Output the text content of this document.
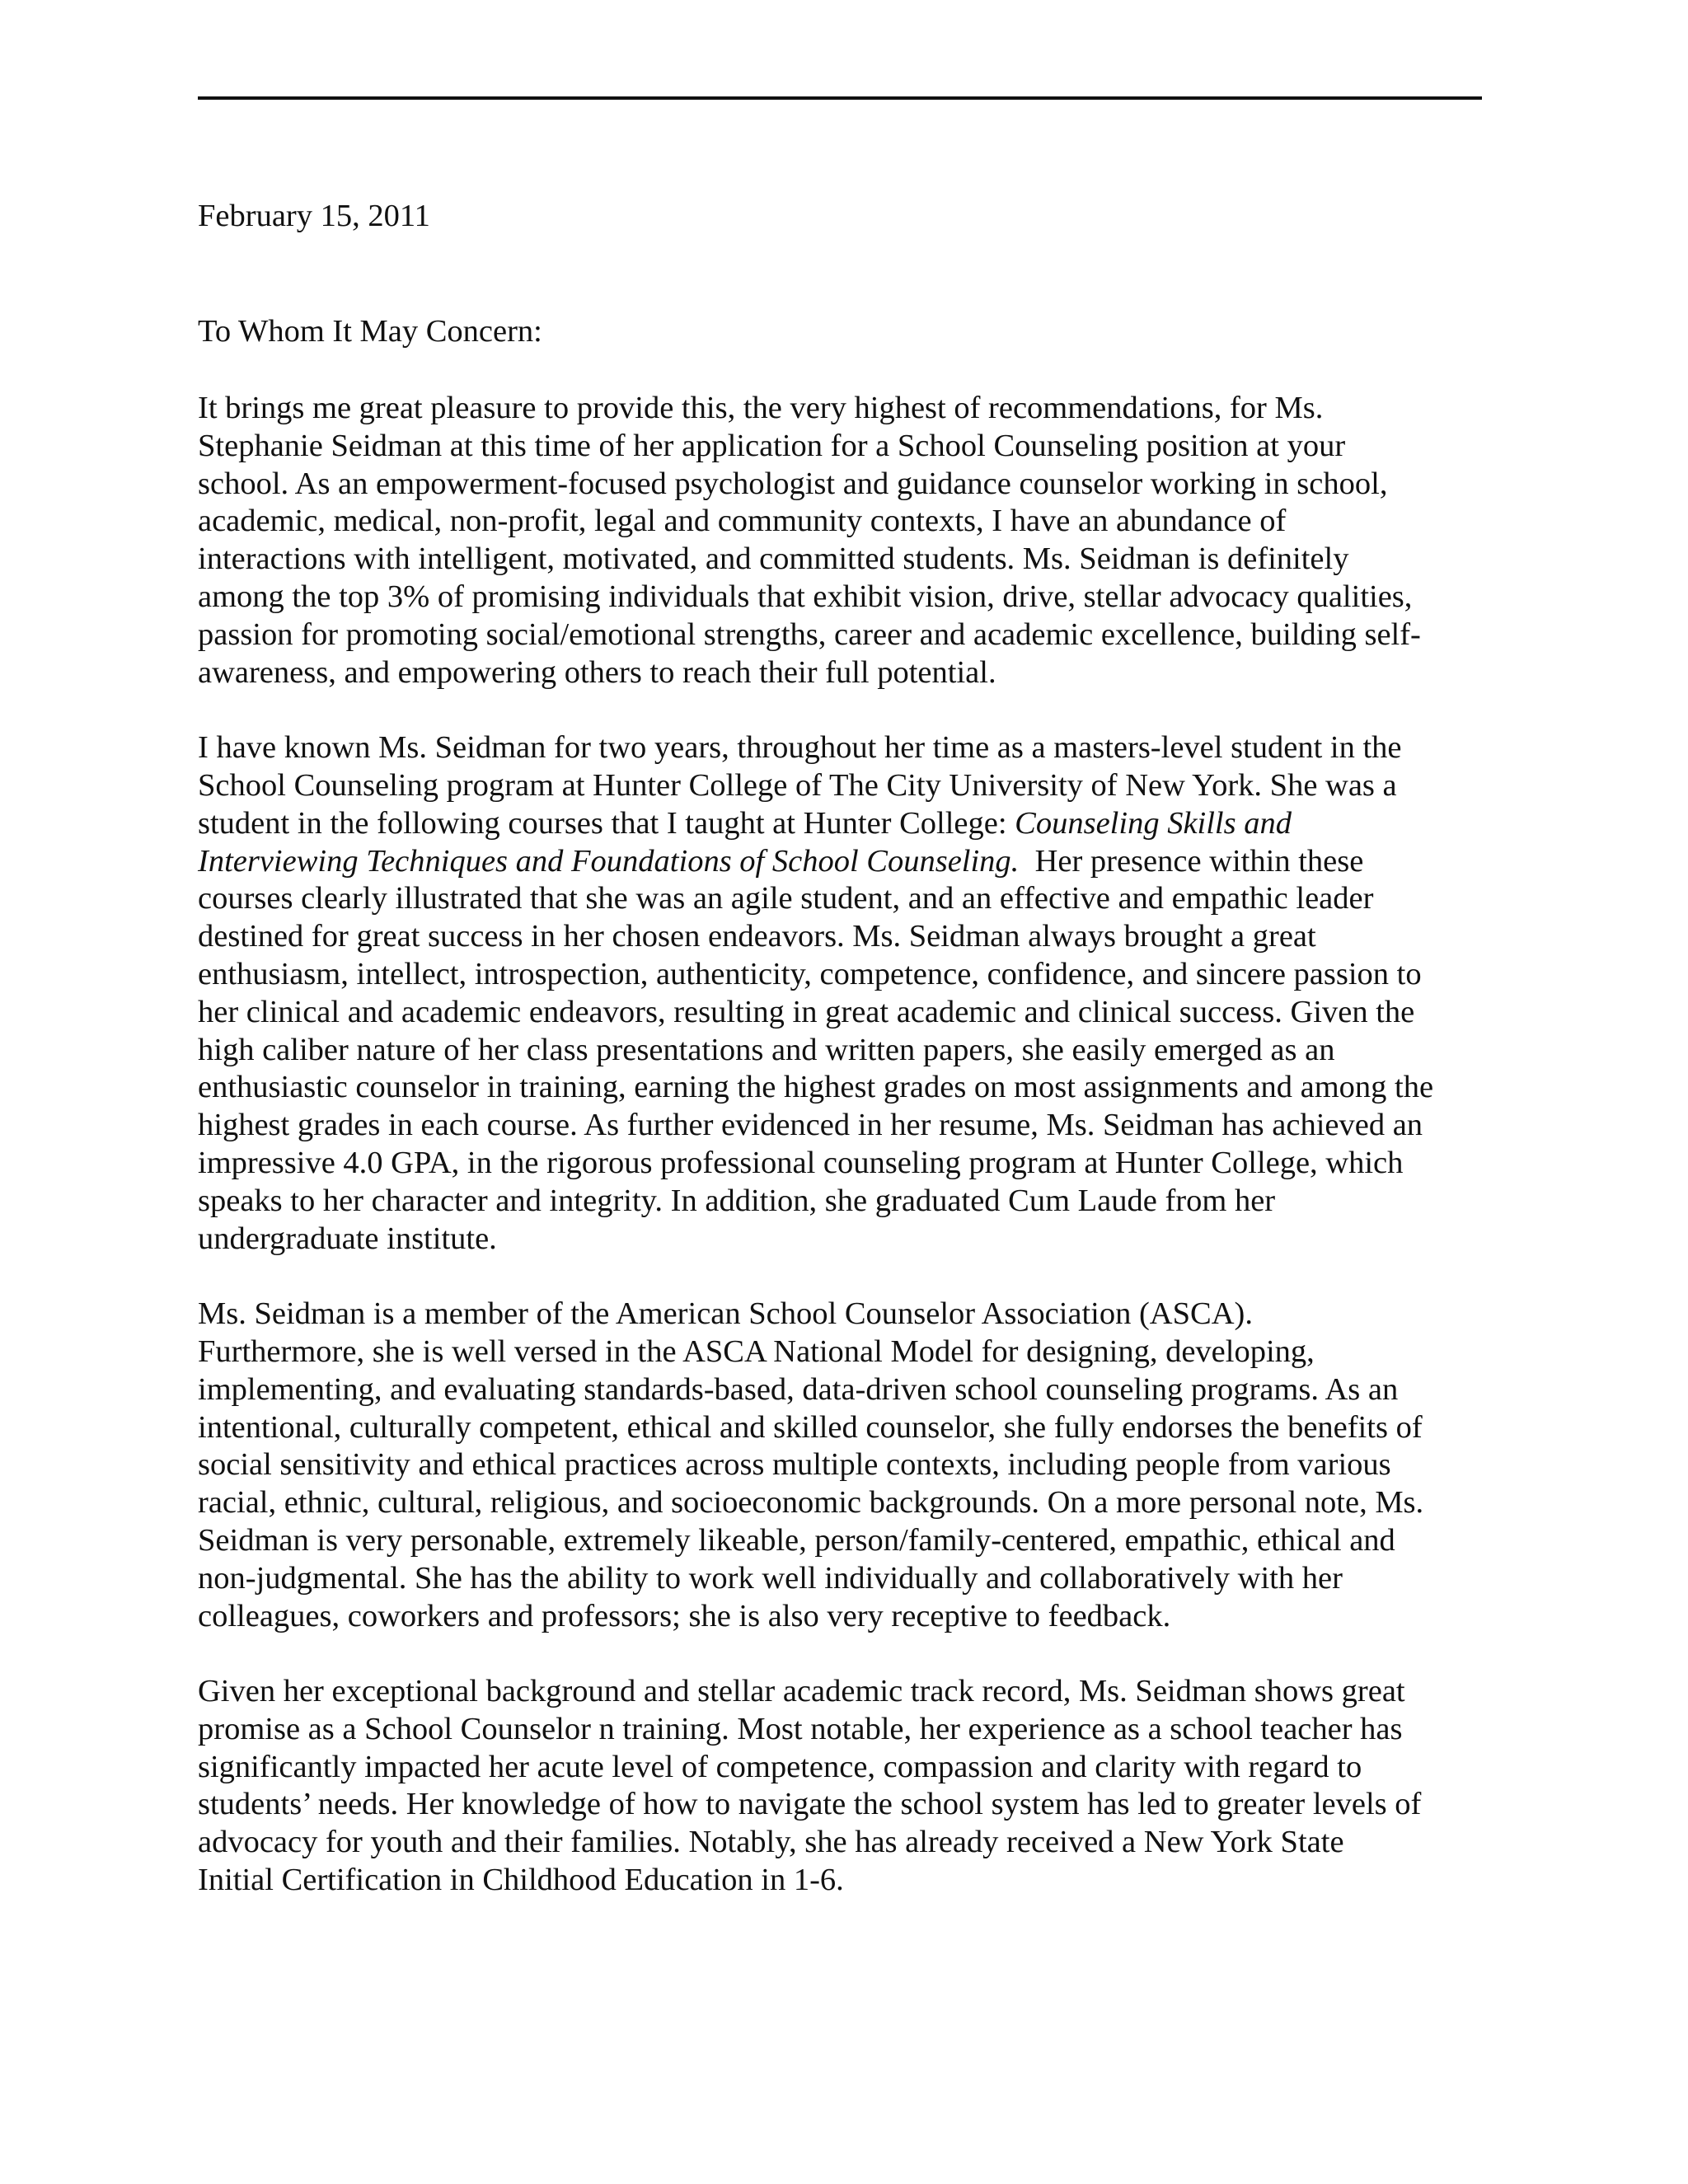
February 15, 2011

To Whom It May Concern:

It brings me great pleasure to provide this, the very highest of recommendations, for Ms.
Stephanie Seidman at this time of her application for a School Counseling position at your
school. As an empowerment-focused psychologist and guidance counselor working in school,
academic, medical, non-profit, legal and community contexts, I have an abundance of
interactions with intelligent, motivated, and committed students. Ms. Seidman is definitely
among the top 3% of promising individuals that exhibit vision, drive, stellar advocacy qualities,
passion for promoting social/emotional strengths, career and academic excellence, building self-
awareness, and empowering others to reach their full potential.

I have known Ms. Seidman for two years, throughout her time as a masters-level student in the
School Counseling program at Hunter College of The City University of New York. She was a
student in the following courses that I taught at Hunter College: Counseling Skills and
Interviewing Techniques and Foundations of School Counseling.  Her presence within these
courses clearly illustrated that she was an agile student, and an effective and empathic leader
destined for great success in her chosen endeavors. Ms. Seidman always brought a great
enthusiasm, intellect, introspection, authenticity, competence, confidence, and sincere passion to
her clinical and academic endeavors, resulting in great academic and clinical success. Given the
high caliber nature of her class presentations and written papers, she easily emerged as an
enthusiastic counselor in training, earning the highest grades on most assignments and among the
highest grades in each course. As further evidenced in her resume, Ms. Seidman has achieved an
impressive 4.0 GPA, in the rigorous professional counseling program at Hunter College, which
speaks to her character and integrity. In addition, she graduated Cum Laude from her
undergraduate institute.

Ms. Seidman is a member of the American School Counselor Association (ASCA).
Furthermore, she is well versed in the ASCA National Model for designing, developing,
implementing, and evaluating standards-based, data-driven school counseling programs. As an
intentional, culturally competent, ethical and skilled counselor, she fully endorses the benefits of
social sensitivity and ethical practices across multiple contexts, including people from various
racial, ethnic, cultural, religious, and socioeconomic backgrounds. On a more personal note, Ms.
Seidman is very personable, extremely likeable, person/family-centered, empathic, ethical and
non-judgmental. She has the ability to work well individually and collaboratively with her
colleagues, coworkers and professors; she is also very receptive to feedback.

Given her exceptional background and stellar academic track record, Ms. Seidman shows great
promise as a School Counselor n training. Most notable, her experience as a school teacher has
significantly impacted her acute level of competence, compassion and clarity with regard to
students’ needs. Her knowledge of how to navigate the school system has led to greater levels of
advocacy for youth and their families. Notably, she has already received a New York State
Initial Certification in Childhood Education in 1-6.
